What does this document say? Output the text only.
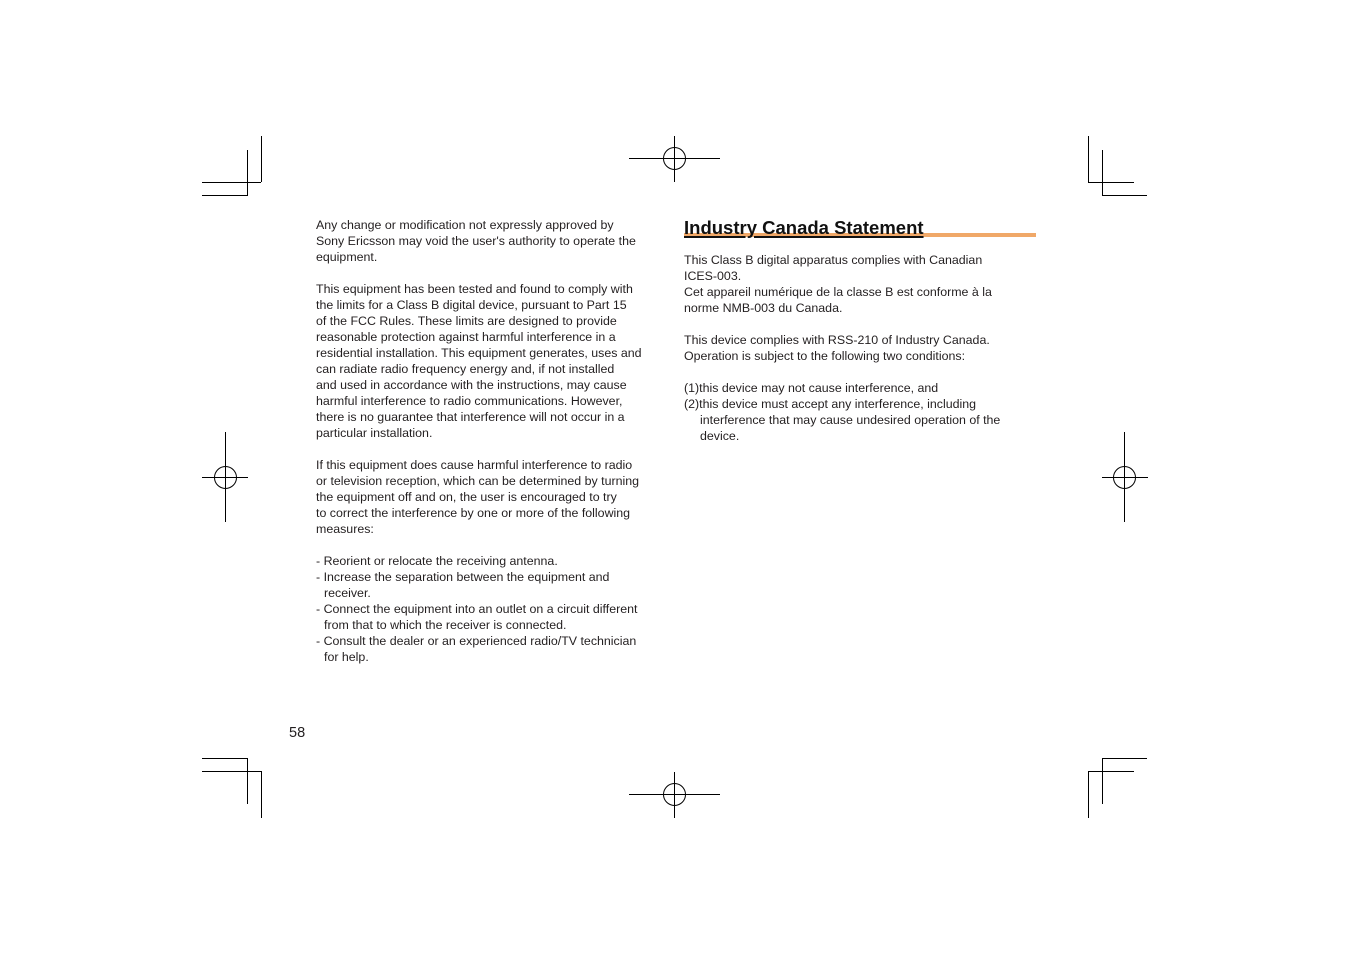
Any change or modification not expressly approved by
Sony Ericsson may void the user's authority to operate the
equipment.

This equipment has been tested and found to comply with
the limits for a Class B digital device, pursuant to Part 15
of the FCC Rules. These limits are designed to provide
reasonable protection against harmful interference in a
residential installation. This equipment generates, uses and
can radiate radio frequency energy and, if not installed
and used in accordance with the instructions, may cause
harmful interference to radio communications. However,
there is no guarantee that interference will not occur in a
particular installation.

If this equipment does cause harmful interference to radio
or television reception, which can be determined by turning
the equipment off and on, the user is encouraged to try
to correct the interference by one or more of the following
measures:

- Reorient or relocate the receiving antenna.
- Increase the separation between the equipment and
receiver.
- Connect the equipment into an outlet on a circuit different
from that to which the receiver is connected.
- Consult the dealer or an experienced radio/TV technician
for help.
Industry Canada Statement

This Class B digital apparatus complies with Canadian
ICES-003.

Cet appareil numérique de la classe B est conforme à la
norme NMB-003 du Canada.

This device complies with RSS-210 of Industry Canada.
Operation is subject to the following two conditions:

(1)this device may not cause interference, and
(2)this device must accept any interference, including
interference that may cause undesired operation of the
device.
58
